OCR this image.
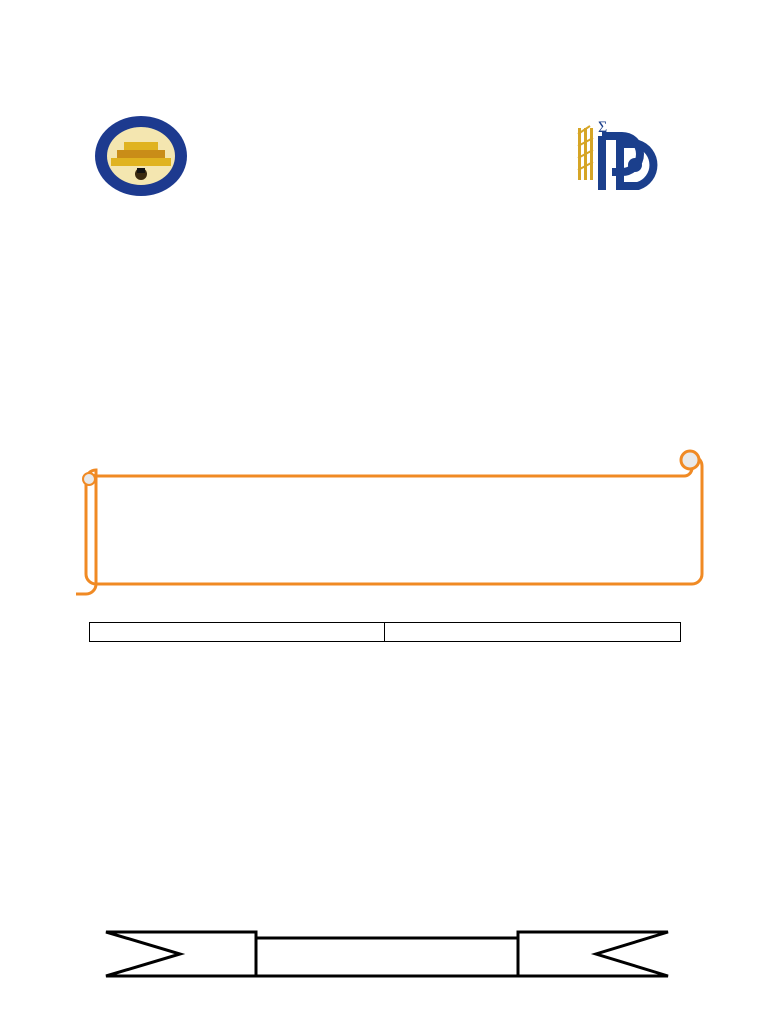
Σ
